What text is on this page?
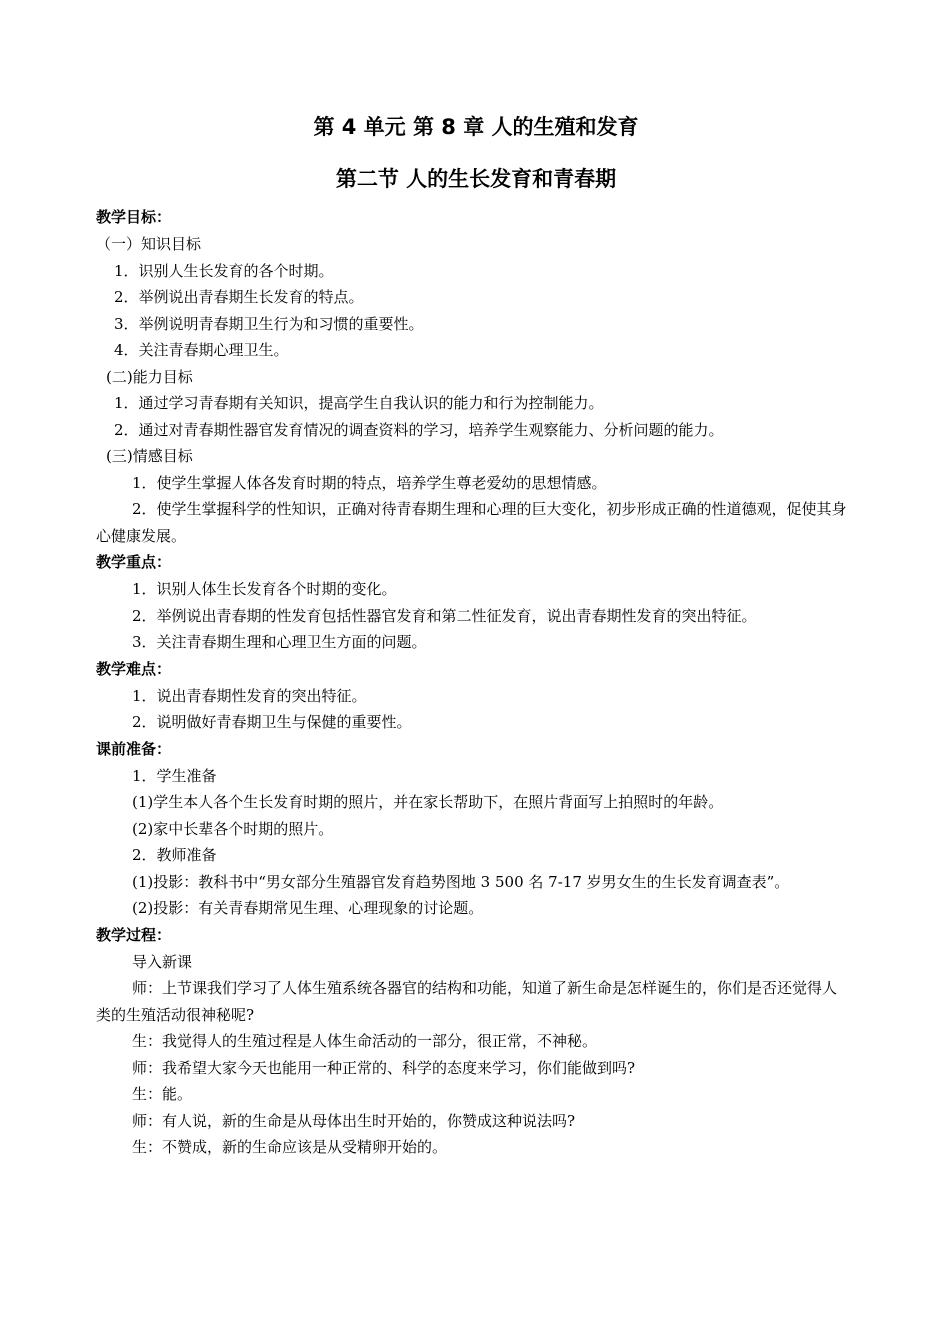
第 4 单元 第 8 章 人的生殖和发育
第二节 人的生长发育和青春期
教学目标：
（一）知识目标
1．识别人生长发育的各个时期。
2．举例说出青春期生长发育的特点。
3．举例说明青春期卫生行为和习惯的重要性。
4．关注青春期心理卫生。
(二)能力目标
1．通过学习青春期有关知识，提高学生自我认识的能力和行为控制能力。
2．通过对青春期性器官发育情况的调查资料的学习，培养学生观察能力、分析问题的能力。
(三)情感目标
1．使学生掌握人体各发育时期的特点，培养学生尊老爱幼的思想情感。
2．使学生掌握科学的性知识，正确对待青春期生理和心理的巨大变化，初步形成正确的性道德观，促使其身心健康发展。
教学重点：
1．识别人体生长发育各个时期的变化。
2．举例说出青春期的性发育包括性器官发育和第二性征发育，说出青春期性发育的突出特征。
3．关注青春期生理和心理卫生方面的问题。
教学难点：
1．说出青春期性发育的突出特征。
2．说明做好青春期卫生与保健的重要性。
课前准备：
1．学生准备
(1)学生本人各个生长发育时期的照片，并在家长帮助下，在照片背面写上拍照时的年龄。
(2)家中长辈各个时期的照片。
2．教师准备
(1)投影：教科书中“男女部分生殖器官发育趋势图地 3 500 名 7-17 岁男女生的生长发育调查表”。
(2)投影：有关青春期常见生理、心理现象的讨论题。
教学过程：
导入新课
师：上节课我们学习了人体生殖系统各器官的结构和功能，知道了新生命是怎样诞生的，你们是否还觉得人类的生殖活动很神秘呢?
生：我觉得人的生殖过程是人体生命活动的一部分，很正常，不神秘。
师：我希望大家今天也能用一种正常的、科学的态度来学习，你们能做到吗?
生：能。
师：有人说，新的生命是从母体出生时开始的，你赞成这种说法吗?
生：不赞成，新的生命应该是从受精卵开始的。
